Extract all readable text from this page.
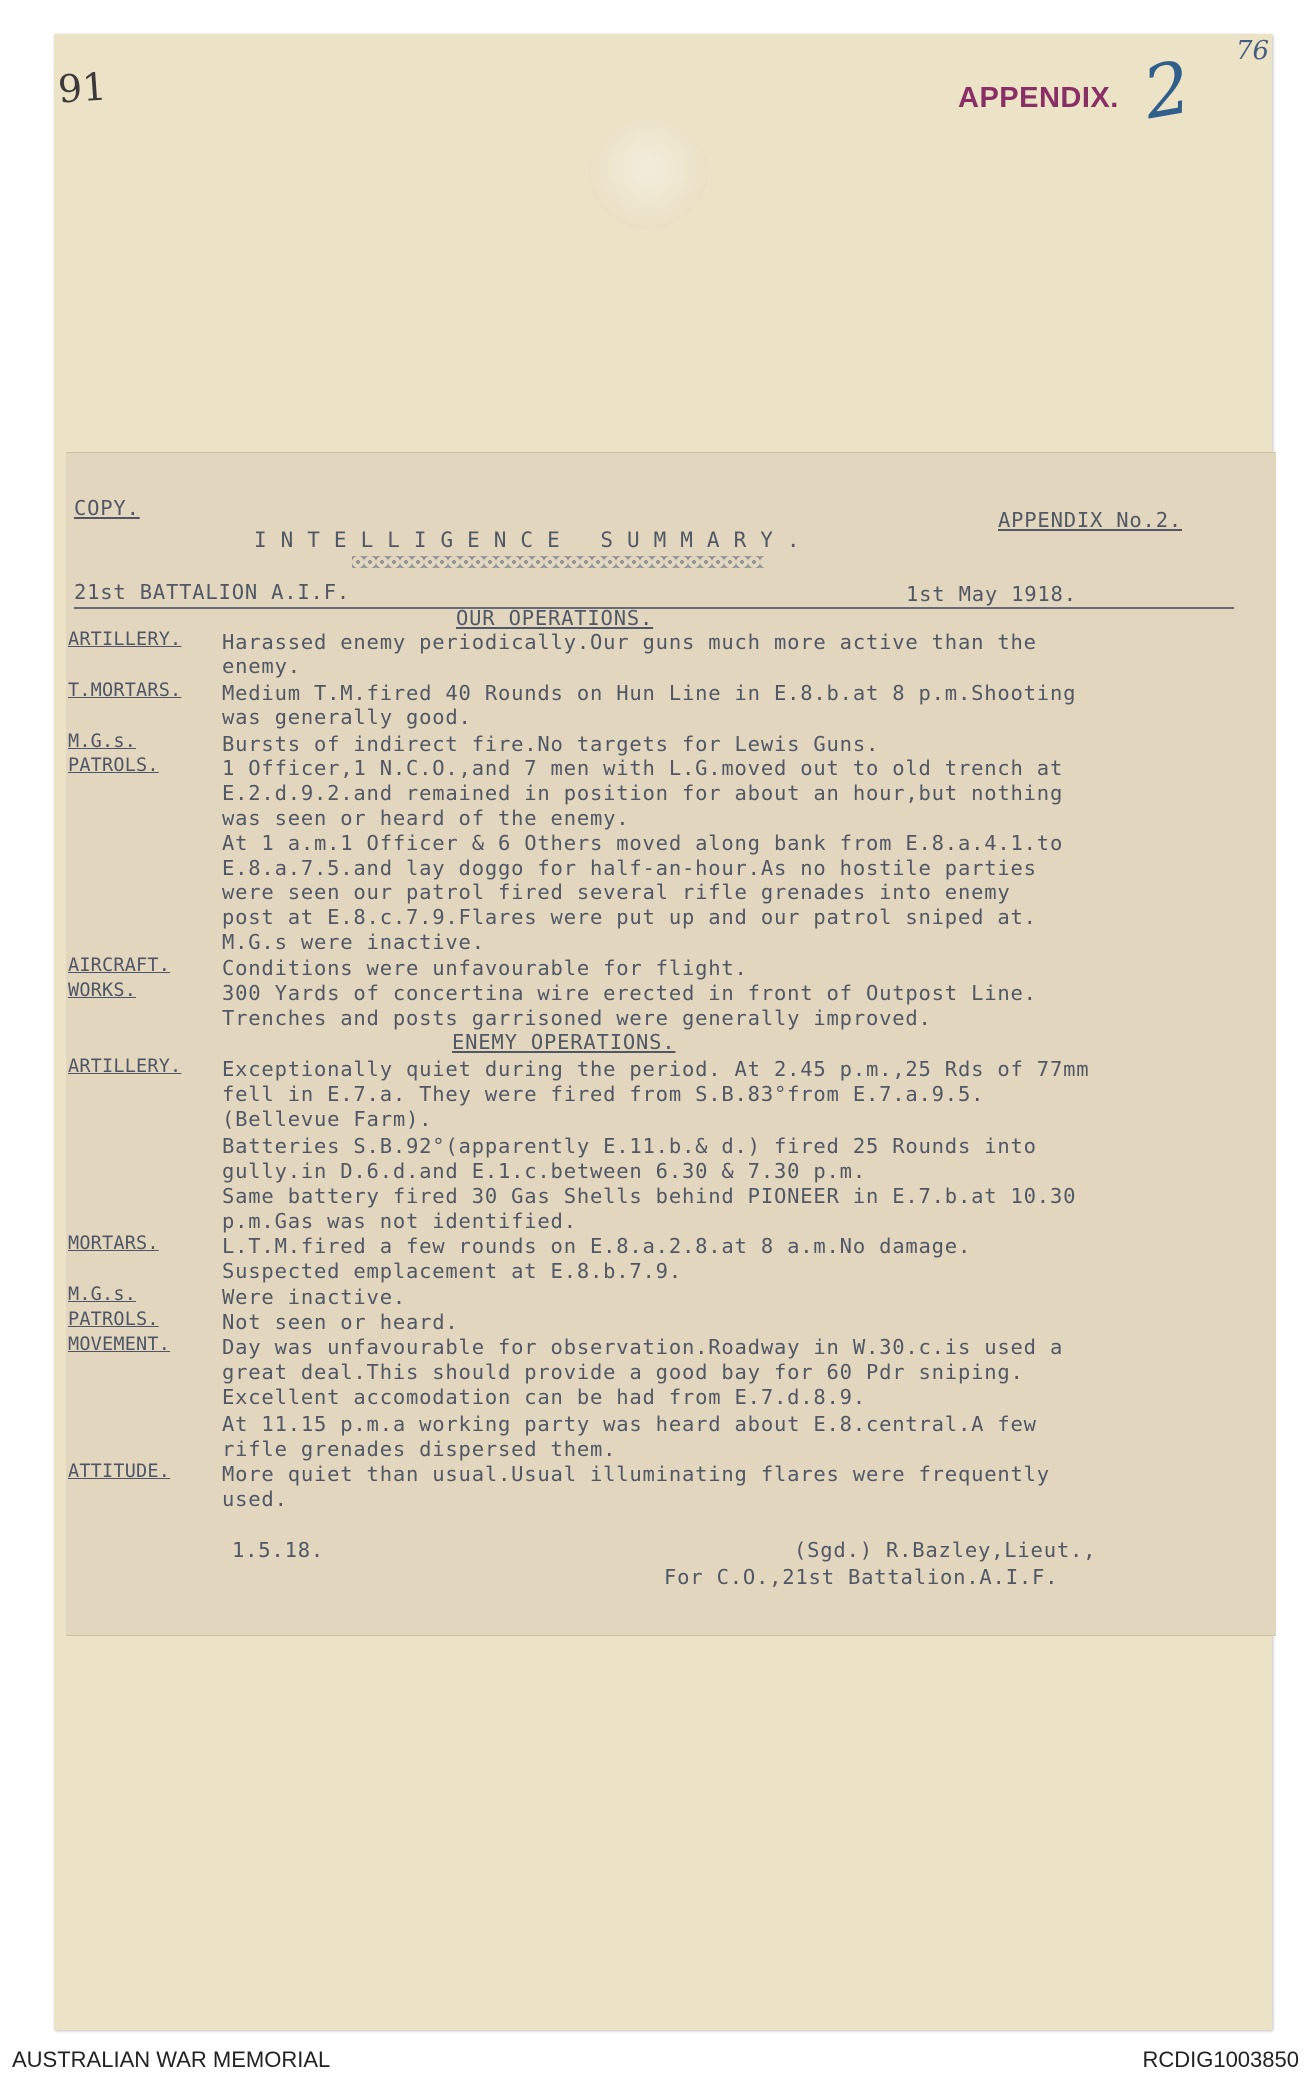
91	APPENDIX. 2 76
COPY.	APPENDIX No.2.
INTELLIGENCE SUMMARY.
21st BATTALION A.I.F.	1st May 1918.
OUR OPERATIONS.
ARTILLERY. Harassed enemy periodically.Our guns much more active than the
enemy.
T.MORTARS. Medium T.M.fired 40 Rounds on Hun Line in E.8.b.at 8 p.m.Shooting
was generally good.
M.G.s.	Bursts of indirect fire.No targets for Lewis Guns.
PATROLS.	1 Officer,1 N.C.O.,and 7 men with L.G.moved out to old trench at
E.2.d.9.2.and remained in position for about an hour,but nothing
was seen or heard of the enemy.
At 1 a.m.1 Officer & 6 Others moved along bank from E.8.a.4.1.to
E.8.a.7.5.and lay doggo for half-an-hour.As no hostile parties
were seen our patrol fired several rifle grenades into enemy
post at E.8.c.7.9.Flares were put up and our patrol sniped at.
M.G.s were inactive.
AIRCRAFT.	Conditions were unfavourable for flight.
WORKS.	300 Yards of concertina wire erected in front of Outpost Line.
Trenches and posts garrisoned were generally improved.
ENEMY OPERATIONS.
ARTILLERY. Exceptionally quiet during the period. At 2.45 p.m.,25 Rds of 77mm
fell in E.7.a. They were fired from S.B.83°from E.7.a.9.5.
(Bellevue Farm).
Batteries S.B.92°(apparently E.11.b.& d.) fired 25 Rounds into
gully.in D.6.d.and E.1.c.between 6.30 & 7.30 p.m.
Same battery fired 30 Gas Shells behind PIONEER in E.7.b.at 10.30
p.m.Gas was not identified.
MORTARS.	L.T.M.fired a few rounds on E.8.a.2.8.at 8 a.m.No damage.
Suspected emplacement at E.8.b.7.9.
M.G.s.	Were inactive.
PATROLS.	Not seen or heard.
MOVEMENT.	Day was unfavourable for observation.Roadway in W.30.c.is used a
great deal.This should provide a good bay for 60 Pdr sniping.
Excellent accomodation can be had from E.7.d.8.9.
At 11.15 p.m.a working party was heard about E.8.central.A few
rifle grenades dispersed them.
ATTITUDE.	More quiet than usual.Usual illuminating flares were frequently
used.
1.5.18.	(Sgd.) R.Bazley,Lieut.,
For C.O.,21st Battalion.A.I.F.
AUSTRALIAN WAR MEMORIAL	RCDIG1003850
